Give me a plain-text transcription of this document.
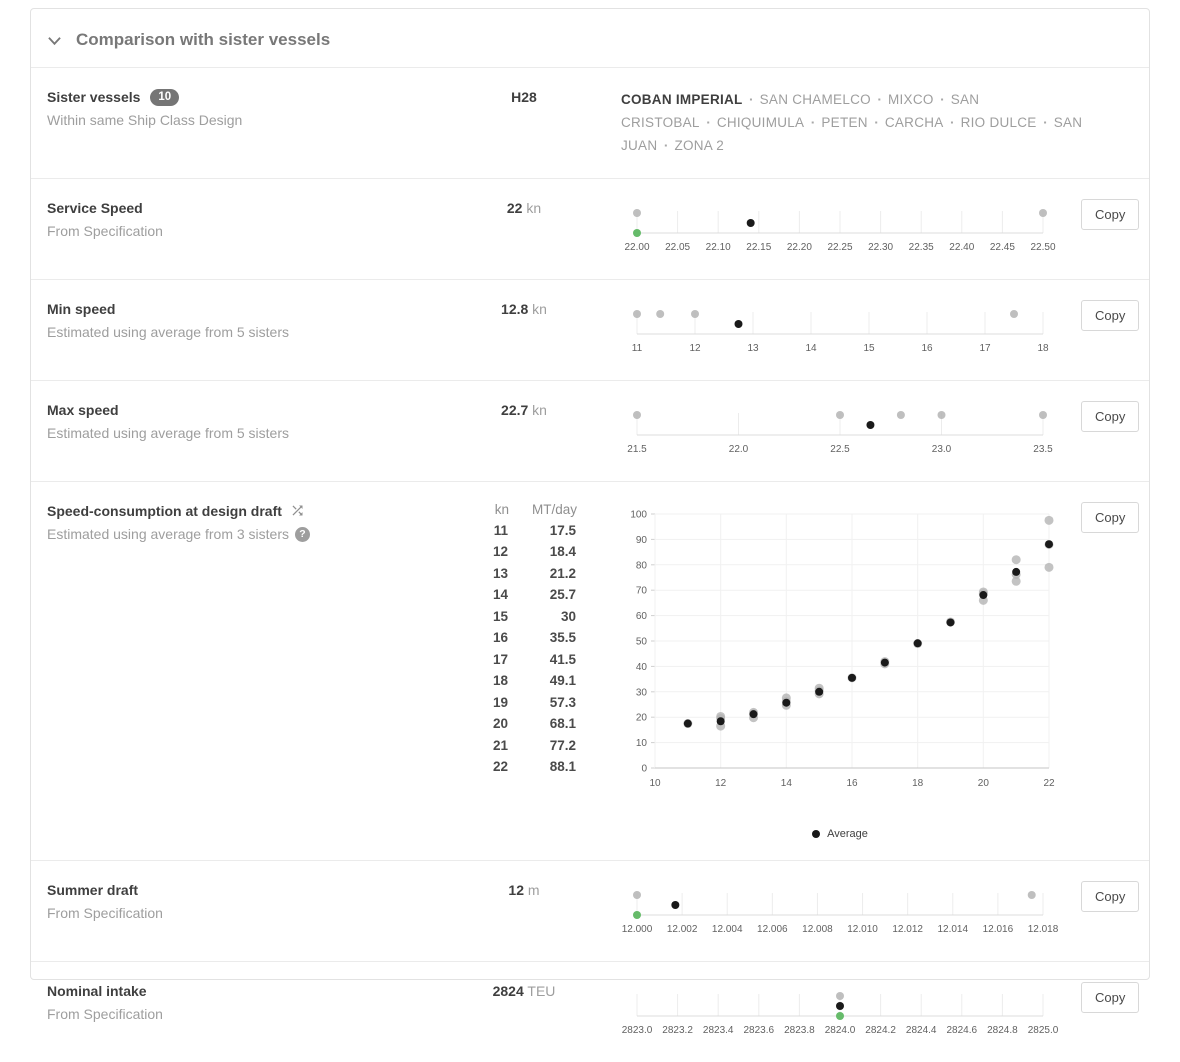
Comparison with sister vessels
Sister vessels	10
Within same Ship Class Design
H28	COBAN IMPERIAL ▪ SAN CHAMELCO ▪ MIXCO ▪ SAN CRISTOBAL ▪ CHIQUIMULA ▪ PETEN ▪ CARCHA ▪ RIO DULCE ▪ SAN JUAN ▪ ZONA 2
Service Speed
From Specification
22 kn
22.00 22.05 22.10 22.15 22.20 22.25 22.30 22.35 22.40 22.45 22.50
Copy
Min speed
Estimated using average from 5 sisters
12.8 kn
11	12	13	14	15	16	17	18
Copy
Max speed
Estimated using average from 5 sisters
22.7 kn
21.5	22.0	22.5	23.0	23.5
Copy
Speed-consumption at design draft
Estimated using average from 3 sisters ?
kn	MT/day
11	17.5
12	18.4
13	21.2
14	25.7
15	30
16	35.5
17	41.5
18	49.1
19	57.3
20	68.1
21	77.2
22	88.1	0
10
20
30
40
50
60
70
80
90
100
10	12	14	16	18	20	22
Average
Copy
Summer draft
From Specification
12 m
12.000 12.002 12.004 12.006 12.008 12.010 12.012 12.014 12.016 12.018
Copy
Nominal intake
From Specification
2824 TEU
2823.0 2823.2 2823.4 2823.6 2823.8 2824.0 2824.2 2824.4 2824.6 2824.8 2825.0
Copy
